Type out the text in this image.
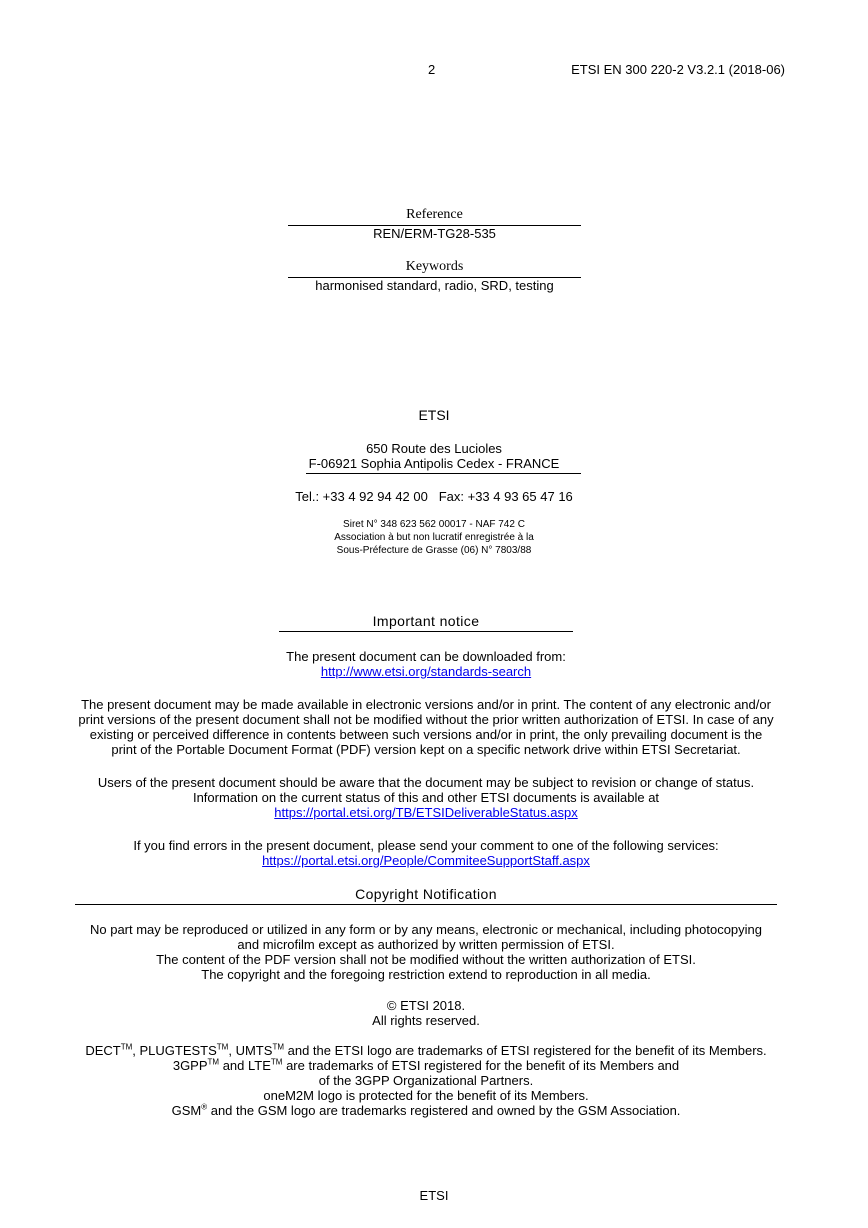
2	ETSI EN 300 220-2 V3.2.1 (2018-06)
Reference
REN/ERM-TG28-535
Keywords
harmonised standard, radio, SRD, testing
ETSI
650 Route des Lucioles
F-06921 Sophia Antipolis Cedex - FRANCE
Tel.: +33 4 92 94 42 00 Fax: +33 4 93 65 47 16
Siret N° 348 623 562 00017 - NAF 742 C
Association à but non lucratif enregistrée à la
Sous-Préfecture de Grasse (06) N° 7803/88
Important notice
The present document can be downloaded from:
http://www.etsi.org/standards-search
The present document may be made available in electronic versions and/or in print. The content of any electronic and/or
print versions of the present document shall not be modified without the prior written authorization of ETSI. In case of any
existing or perceived difference in contents between such versions and/or in print, the only prevailing document is the
print of the Portable Document Format (PDF) version kept on a specific network drive within ETSI Secretariat.
Users of the present document should be aware that the document may be subject to revision or change of status.
Information on the current status of this and other ETSI documents is available at
https://portal.etsi.org/TB/ETSIDeliverableStatus.aspx
If you find errors in the present document, please send your comment to one of the following services:
https://portal.etsi.org/People/CommiteeSupportStaff.aspx
Copyright Notification
No part may be reproduced or utilized in any form or by any means, electronic or mechanical, including photocopying
and microfilm except as authorized by written permission of ETSI.
The content of the PDF version shall not be modified without the written authorization of ETSI.
The copyright and the foregoing restriction extend to reproduction in all media.
© ETSI 2018.
All rights reserved.
DECT™, PLUGTESTS™, UMTS™ and the ETSI logo are trademarks of ETSI registered for the benefit of its Members.
3GPP™ and LTE™ are trademarks of ETSI registered for the benefit of its Members and
of the 3GPP Organizational Partners.
oneM2M logo is protected for the benefit of its Members.
GSM® and the GSM logo are trademarks registered and owned by the GSM Association.
ETSI
